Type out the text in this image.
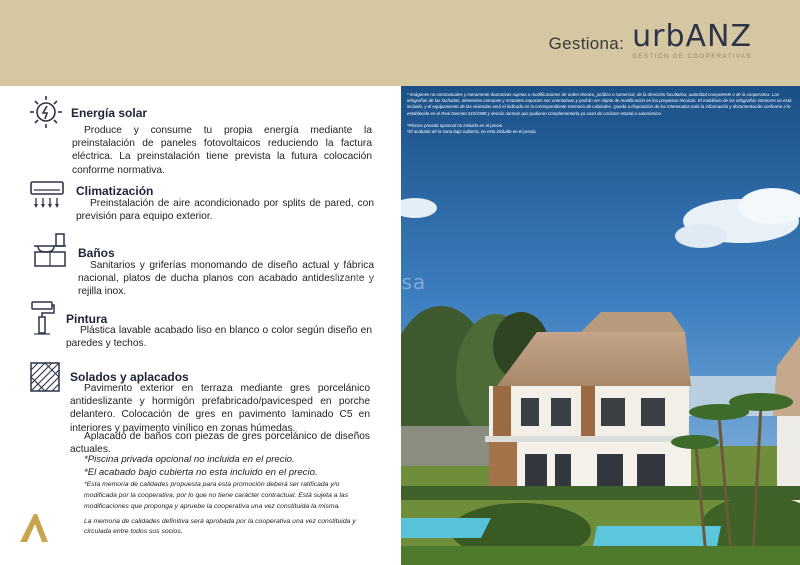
Gestiona: urbANZ
GESTIÓN DE COOPERATIVAS
Energía solar
Produce y consume tu propia energía mediante la preinstalación de paneles fotovoltaicos reduciendo la factura eléctrica. La preinstalación tiene prevista la futura colocación conforme normativa.
Climatización
Preinstalación de aire acondicionado por splits de pared, con previsión para equipo exterior.
Baños
Sanitarios y griferías monomando de diseño actual y fábrica nacional, platos de ducha planos con acabado antideslizante y rejilla inox.
Pintura
Plástica lavable acabado liso en blanco o color según diseño en paredes y techos.
Solados y aplacados
Pavimento exterior en terraza mediante gres porcelánico antideslizante y hormigón prefabricado/pavicesped en porche delantero. Colocación de gres en pavimento laminado C5 en interiores y pavimento vinílico en zonas húmedas.
Aplacado de baños con piezas de gres porcelánico de diseños actuales.
*Piscina privada opcional no incluida en el precio.
*El acabado bajo cubierta no esta incluido en el precio.
*Esta memoria de calidades propuesta para esta promoción deberá ser ratificada y/o modificada por la cooperativa, por lo que no tiene carácter contractual. Está sujeta a las modificaciones que proponga y apruebe la cooperativa una vez constituida la misma.
La memoria de calidades definitiva será aprobada por la cooperativa una vez constituida y circulada entre todos sus socios.
* Imágenes no contractuales y meramente ilustrativas sujetas a modificaciones de orden técnico, jurídico o comercial, de la dirección facultativa, autoridad competente o de la cooperativa. Las infografías de las fachadas, elementos comunes y restantes espacios son orientativas y podrán ser objeto de modificación en los proyectos técnicos. El mobiliario de las infografías interiores no está incluido, y el equipamiento de las viviendas será el indicado en la correspondiente memoria de calidades. Queda a disposición de los interesados toda la información y documentación conforme a lo establecido en el Real Decreto 515/1989 y demás normas que pudieran complementarla ya sean de carácter estatal o autonómico.
*Piscina privada opcional no incluida en el precio.
*El acabado de la zona bajo cubierta, no esta incluido en el precio.
fotocasa
